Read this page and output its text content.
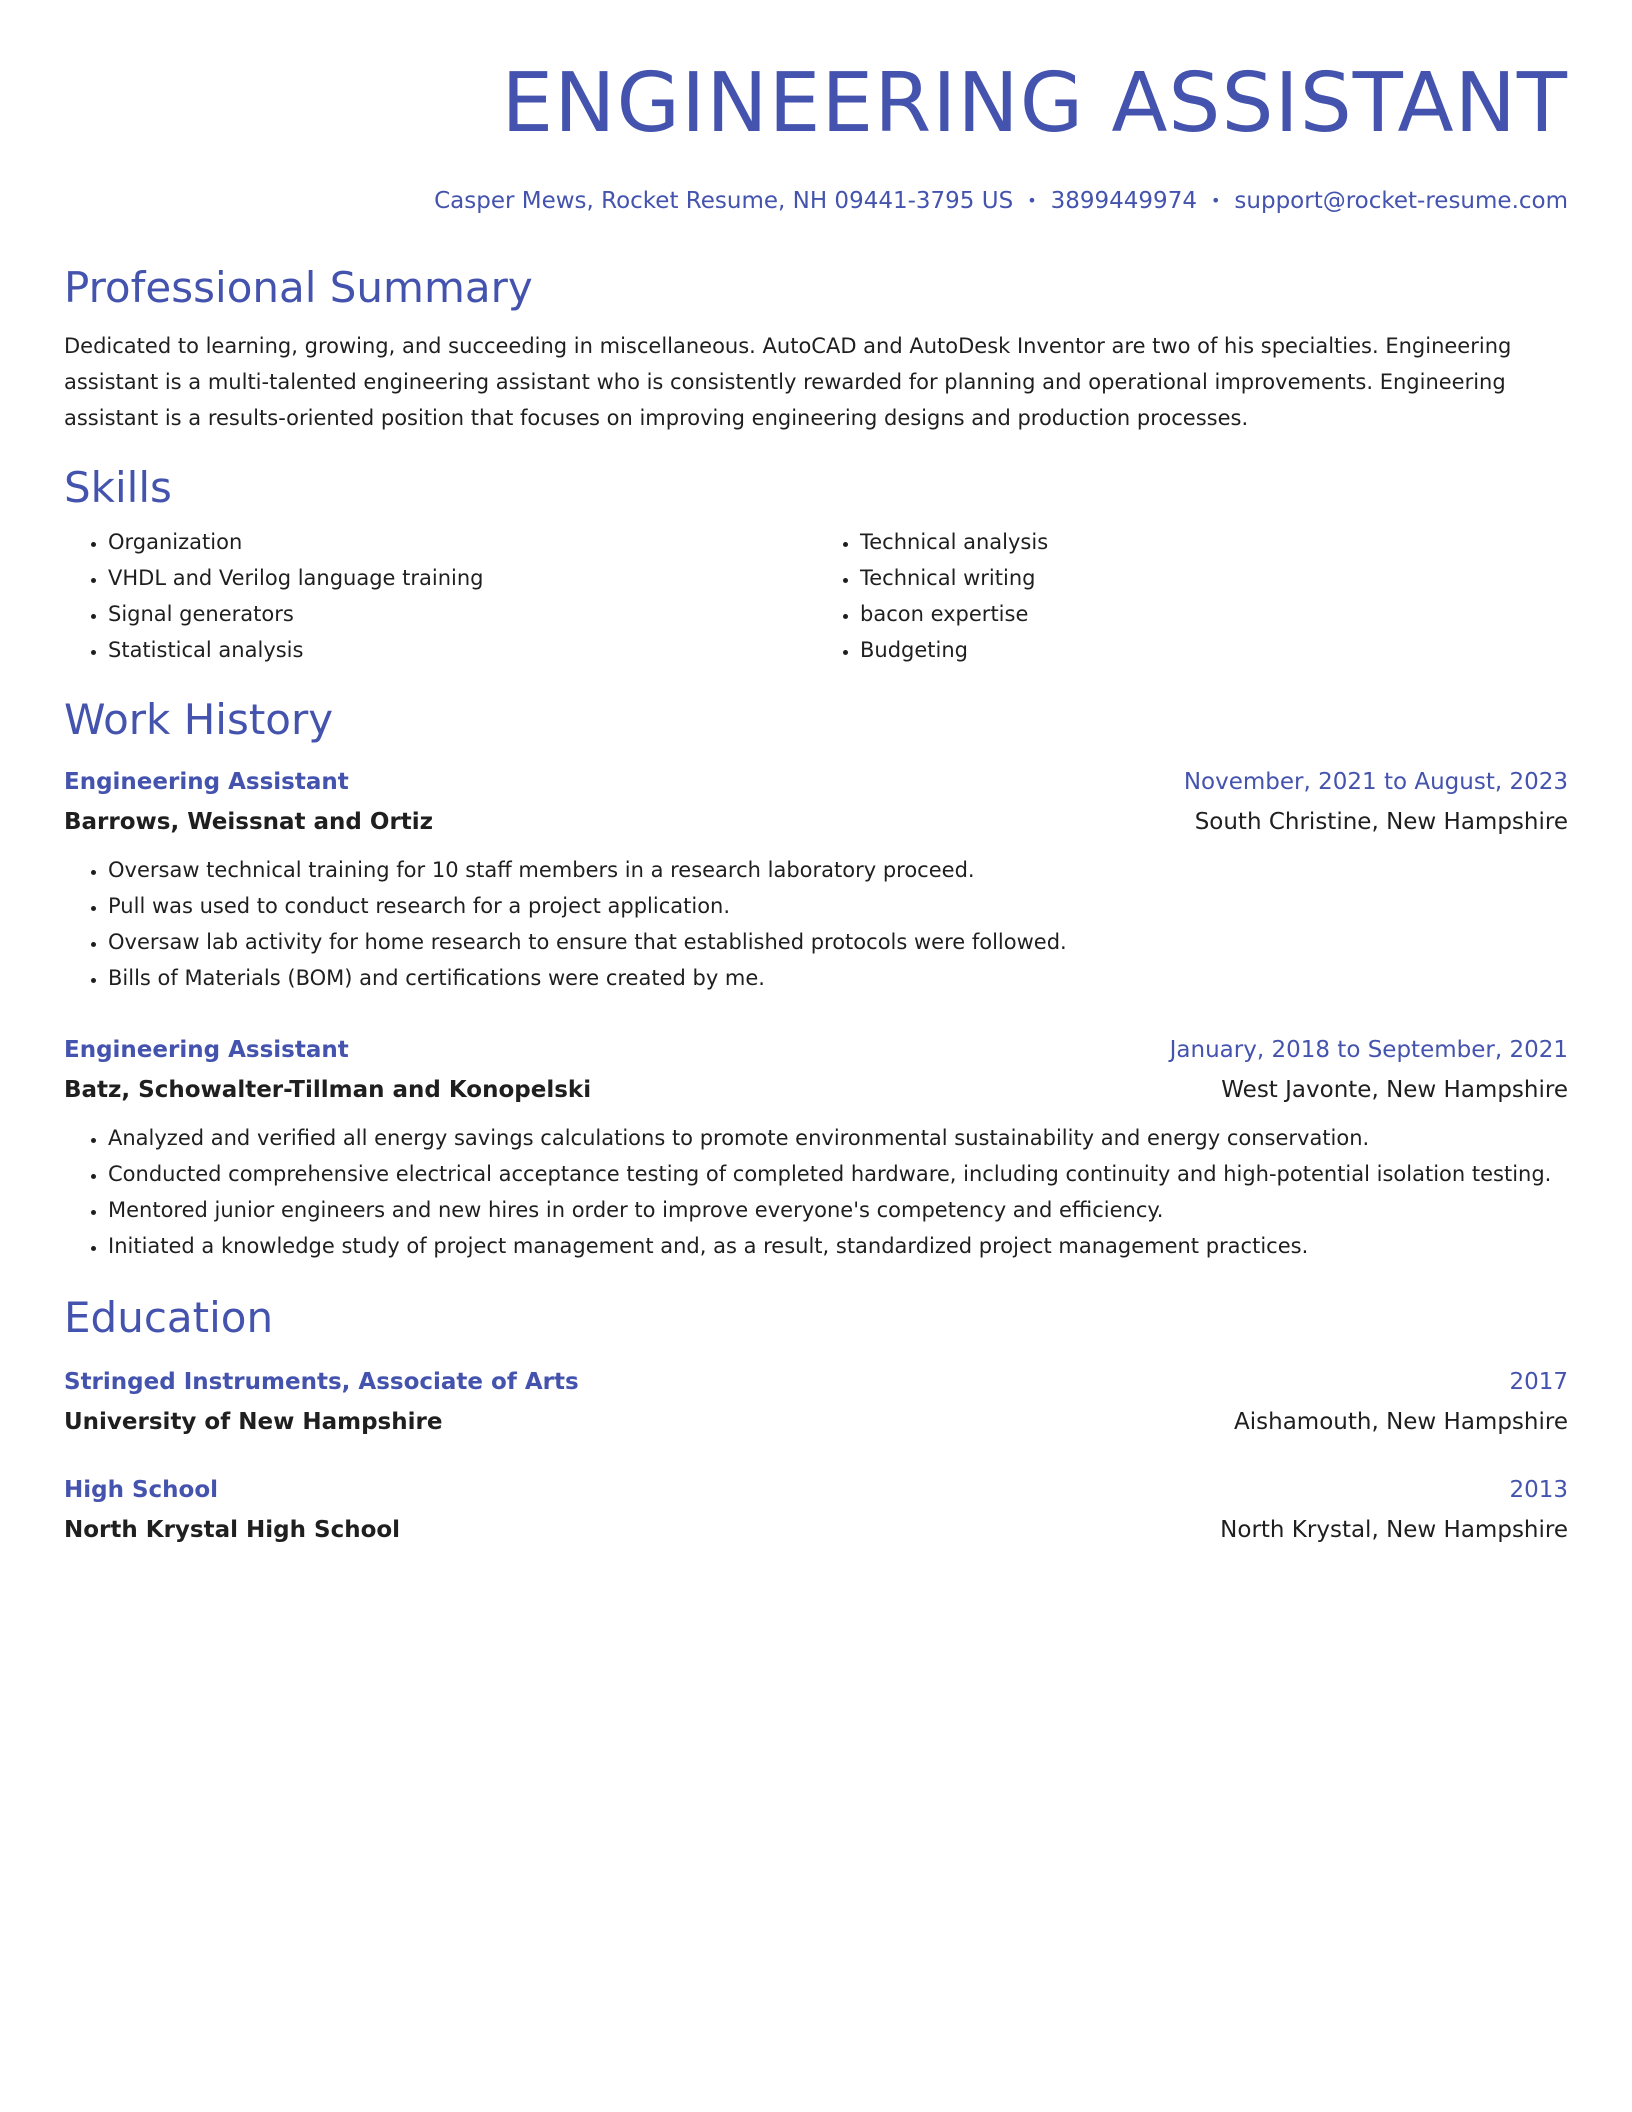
ENGINEERING ASSISTANT
Casper Mews, Rocket Resume, NH 09441-3795 US • 3899449974 • support@rocket-resume.com
Professional Summary
Dedicated to learning, growing, and succeeding in miscellaneous. AutoCAD and AutoDesk Inventor are two of his specialties. Engineering assistant is a multi-talented engineering assistant who is consistently rewarded for planning and operational improvements. Engineering assistant is a results-oriented position that focuses on improving engineering designs and production processes.
Skills
• Organization
• VHDL and Verilog language training
• Signal generators
• Statistical analysis
• Technical analysis
• Technical writing
• bacon expertise
• Budgeting
Work History
Engineering Assistant	November, 2021 to August, 2023
Barrows, Weissnat and Ortiz	South Christine, New Hampshire
• Oversaw technical training for 10 staff members in a research laboratory proceed.
• Pull was used to conduct research for a project application.
• Oversaw lab activity for home research to ensure that established protocols were followed.
• Bills of Materials (BOM) and certifications were created by me.
Engineering Assistant	January, 2018 to September, 2021
Batz, Schowalter-Tillman and Konopelski	West Javonte, New Hampshire
• Analyzed and verified all energy savings calculations to promote environmental sustainability and energy conservation.
• Conducted comprehensive electrical acceptance testing of completed hardware, including continuity and high-potential isolation testing.
• Mentored junior engineers and new hires in order to improve everyone's competency and efficiency.
• Initiated a knowledge study of project management and, as a result, standardized project management practices.
Education
Stringed Instruments, Associate of Arts	2017
University of New Hampshire	Aishamouth, New Hampshire
High School	2013
North Krystal High School	North Krystal, New Hampshire
